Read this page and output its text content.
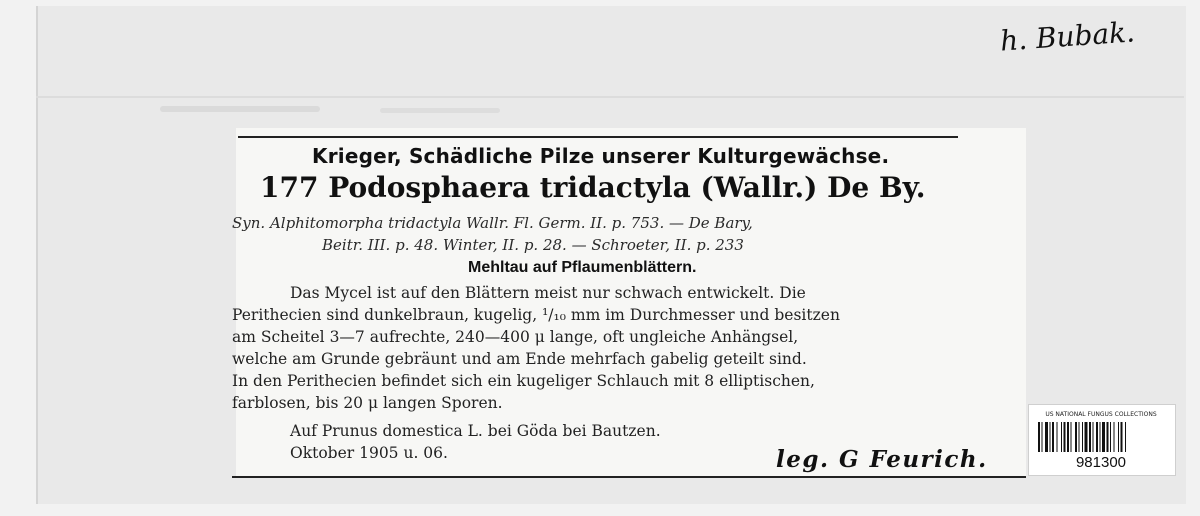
h. Bubak.
Krieger, Schädliche Pilze unserer Kulturgewächse.
177 Podosphaera tridactyla (Wallr.) De By.
Syn. Alphitomorpha tridactyla Wallr. Fl. Germ. II. p. 753. — De Bary,
Beitr. III. p. 48. Winter, II. p. 28. — Schroeter, II. p. 233
Mehltau auf Pflaumenblättern.
Das Mycel ist auf den Blättern meist nur schwach entwickelt. Die
Perithecien sind dunkelbraun, kugelig, ¹/₁₀ mm im Durchmesser und besitzen
am Scheitel 3—7 aufrechte, 240—400 μ lange, oft ungleiche Anhängsel,
welche am Grunde gebräunt und am Ende mehrfach gabelig geteilt sind.
In den Perithecien befindet sich ein kugeliger Schlauch mit 8 elliptischen,
farblosen, bis 20 μ langen Sporen.
Auf Prunus domestica L. bei Göda bei Bautzen.
Oktober 1905 u. 06.	leg. G Feurich.
US NATIONAL FUNGUS COLLECTIONS
981300
